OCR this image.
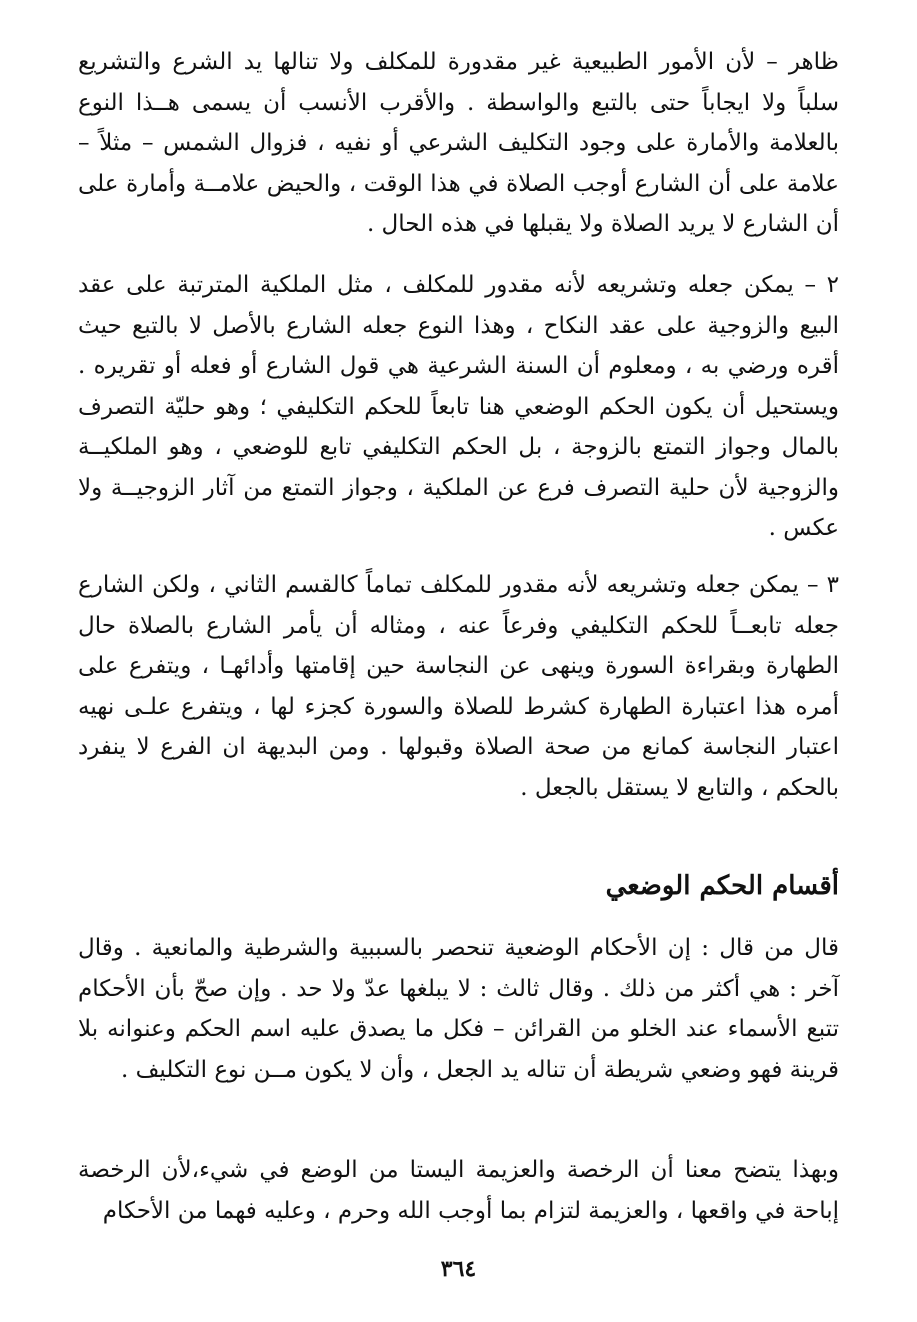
ظاهر – لأن الأمور الطبيعية غير مقدورة للمكلف ولا تنالها يد الشرع والتشريع سلباً ولا ايجاباً حتى بالتبع والواسطة . والأقرب الأنسب أن يسمى هــذا النوع بالعلامة والأمارة على وجود التكليف الشرعي أو نفيه ، فزوال الشمس – مثلاً – علامة على أن الشارع أوجب الصلاة في هذا الوقت ، والحيض علامــة وأمارة على أن الشارع لا يريد الصلاة ولا يقبلها في هذه الحال .

٢ – يمكن جعله وتشريعه لأنه مقدور للمكلف ، مثل الملكية المترتبة على عقد البيع والزوجية على عقد النكاح ، وهذا النوع جعله الشارع بالأصل لا بالتبع حيث أقره ورضي به ، ومعلوم أن السنة الشرعية هي قول الشارع أو فعله أو تقريره . ويستحيل أن يكون الحكم الوضعي هنا تابعاً للحكم التكليفي ؛ وهو حليّة التصرف بالمال وجواز التمتع بالزوجة ، بل الحكم التكليفي تابع للوضعي ، وهو الملكيــة والزوجية لأن حلية التصرف فرع عن الملكية ، وجواز التمتع من آثار الزوجيــة ولا عكس .

٣ – يمكن جعله وتشريعه لأنه مقدور للمكلف تماماً كالقسم الثاني ، ولكن الشارع جعله تابعــاً للحكم التكليفي وفرعاً عنه ، ومثاله أن يأمر الشارع بالصلاة حال الطهارة وبقراءة السورة وينهى عن النجاسة حين إقامتها وأدائهـا ، ويتفرع على أمره هذا اعتبارة الطهارة كشرط للصلاة والسورة كجزء لها ، ويتفرع علـى نهيه اعتبار النجاسة كمانع من صحة الصلاة وقبولها . ومن البديهة ان الفرع لا ينفرد بالحكم ، والتابع لا يستقل بالجعل .

أقسام الحكم الوضعي

قال من قال : إن الأحكام الوضعية تنحصر بالسببية والشرطية والمانعية . وقال آخر : هي أكثر من ذلك . وقال ثالث : لا يبلغها عدّ ولا حد . وإن صحّ بأن الأحكام تتبع الأسماء عند الخلو من القرائن – فكل ما يصدق عليه اسم الحكم وعنوانه بلا قرينة فهو وضعي شريطة أن تناله يد الجعل ، وأن لا يكون مــن نوع التكليف .

وبهذا يتضح معنا أن الرخصة والعزيمة اليستا من الوضع في شيء،لأن الرخصة إباحة في واقعها ، والعزيمة لتزام بما أوجب الله وحرم ، وعليه فهما من الأحكام

٣٦٤
